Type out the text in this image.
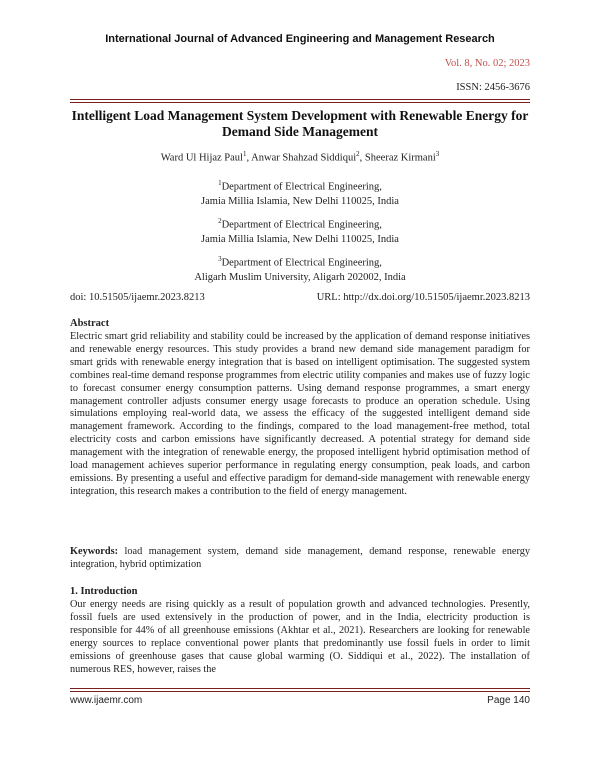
International Journal of Advanced Engineering and Management Research
Vol. 8, No. 02; 2023
ISSN: 2456-3676
Intelligent Load Management System Development with Renewable Energy for Demand Side Management
Ward Ul Hijaz Paul$^1$, Anwar Shahzad Siddiqui$^2$, Sheeraz Kirmani$^3$
$^1$Department of Electrical Engineering,
Jamia Millia Islamia, New Delhi 110025, India
$^2$Department of Electrical Engineering,
Jamia Millia Islamia, New Delhi 110025, India
$^3$Department of Electrical Engineering,
Aligarh Muslim University, Aligarh 202002, India
doi: 10.51505/ijaemr.2023.8213	URL: http://dx.doi.org/10.51505/ijaemr.2023.8213
Abstract
Electric smart grid reliability and stability could be increased by the application of demand response initiatives and renewable energy resources. This study provides a brand new demand side management paradigm for smart grids with renewable energy integration that is based on intelligent optimisation. The suggested system combines real-time demand response programmes from electric utility companies and makes use of fuzzy logic to forecast consumer energy consumption patterns. Using demand response programmes, a smart energy management controller adjusts consumer energy usage forecasts to produce an operation schedule. Using simulations employing real-world data, we assess the efficacy of the suggested intelligent demand side management framework. According to the findings, compared to the load management-free method, total electricity costs and carbon emissions have significantly decreased. A potential strategy for demand side management with the integration of renewable energy, the proposed intelligent hybrid optimisation method of load management achieves superior performance in regulating energy consumption, peak loads, and carbon emissions. By presenting a useful and effective paradigm for demand-side management with renewable energy integration, this research makes a contribution to the field of energy management.
Keywords: load management system, demand side management, demand response, renewable energy integration, hybrid optimization
1. Introduction
Our energy needs are rising quickly as a result of population growth and advanced technologies. Presently, fossil fuels are used extensively in the production of power, and in the India, electricity production is responsible for 44% of all greenhouse emissions (Akhtar et al., 2021). Researchers are looking for renewable energy sources to replace conventional power plants that predominantly use fossil fuels in order to limit emissions of greenhouse gases that cause global warming (O. Siddiqui et al., 2022). The installation of numerous RES, however, raises the
www.ijaemr.com	Page 140
